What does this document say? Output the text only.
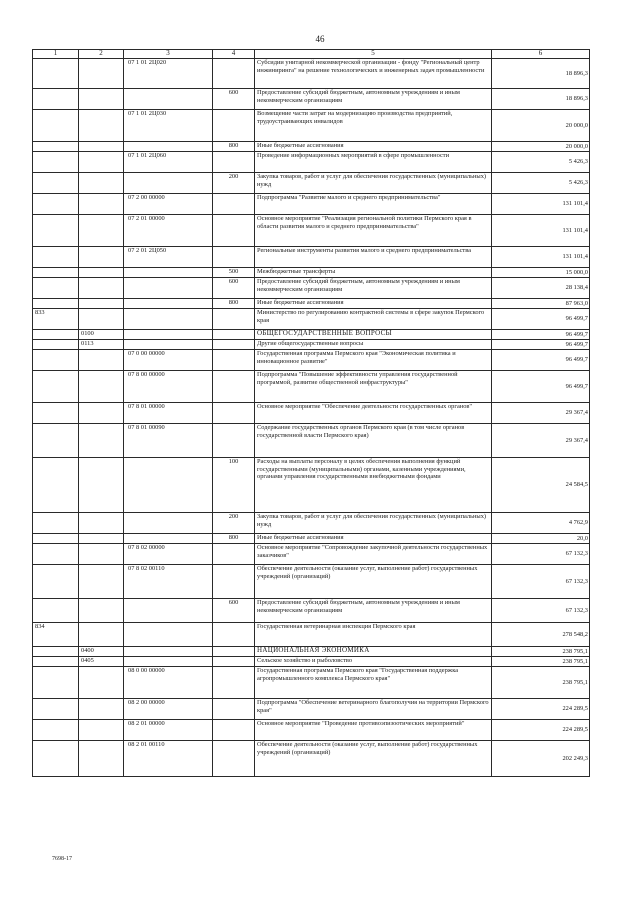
46
1	2	3	4	5	6
		07 1 01 2Ц020		Субсидии унитарной некоммерческой организации - фонду "Региональный центр инжиниринга" на решение технологических и инженерных задач промышленности	18 896,3
			600	Предоставление субсидий бюджетным, автономным учреждениям и иным некоммерческим организациям	18 896,3
		07 1 01 2Ц030		Возмещение части затрат на модернизацию производства предприятий, трудоустраивающих инвалидов	20 000,0
			800	Иные бюджетные ассигнования	20 000,0
		07 1 01 2Ц060		Проведение информационных мероприятий в сфере промышленности	5 426,3
			200	Закупка товаров, работ и услуг для обеспечения государственных (муниципальных) нужд	5 426,3
		07 2 00 00000		Подпрограмма "Развитие малого и среднего предпринимательства"	131 101,4
		07 2 01 00000		Основное мероприятие "Реализация региональной политики Пермского края в области развития малого и среднего предпринимательства"	131 101,4
		07 2 01 2Ц050		Региональные инструменты развития малого и среднего предпринимательства	131 101,4
			500	Межбюджетные трансферты	15 000,0
			600	Предоставление субсидий бюджетным, автономным учреждениям и иным некоммерческим организациям	28 138,4
			800	Иные бюджетные ассигнования	87 963,0
833				Министерство по регулированию контрактной системы в сфере закупок Пермского края	96 499,7
	0100			ОБЩЕГОСУДАРСТВЕННЫЕ ВОПРОСЫ	96 499,7
	0113			Другие общегосударственные вопросы	96 499,7
		07 0 00 00000		Государственная программа Пермского края "Экономическая политика и инновационное развитие"	96 499,7
		07 8 00 00000		Подпрограмма "Повышение эффективности управления государственной программой, развитие общественной инфраструктуры"	96 499,7
		07 8 01 00000		Основное мероприятие "Обеспечение деятельности государственных органов"	29 367,4
		07 8 01 00090		Содержание государственных органов Пермского края (в том числе органов государственной власти Пермского края)	29 367,4
			100	Расходы на выплаты персоналу в целях обеспечения выполнения функций государственными (муниципальными) органами, казенными учреждениями, органами управления государственными внебюджетными фондами	24 584,5
			200	Закупка товаров, работ и услуг для обеспечения государственных (муниципальных) нужд	4 762,9
			800	Иные бюджетные ассигнования	20,0
		07 8 02 00000		Основное мероприятие "Сопровождение закупочной деятельности государственных заказчиков"	67 132,3
		07 8 02 00110		Обеспечение деятельности (оказание услуг, выполнение работ) государственных учреждений (организаций)	67 132,3
			600	Предоставление субсидий бюджетным, автономным учреждениям и иным некоммерческим организациям	67 132,3
834				Государственная ветеринарная инспекция Пермского края	278 548,2
	0400			НАЦИОНАЛЬНАЯ ЭКОНОМИКА	238 795,1
	0405			Сельское хозяйство и рыболовство	238 795,1
		08 0 00 00000		Государственная программа Пермского края "Государственная поддержка агропромышленного комплекса Пермского края"	238 795,1
		08 2 00 00000		Подпрограмма "Обеспечение ветеринарного благополучия на территории Пермского края"	224 289,5
		08 2 01 00000		Основное мероприятие "Проведение противоэпизоотических мероприятий"	224 289,5
		08 2 01 00110		Обеспечение деятельности (оказание услуг, выполнение работ) государственных учреждений (организаций)	202 249,3
7698-17
